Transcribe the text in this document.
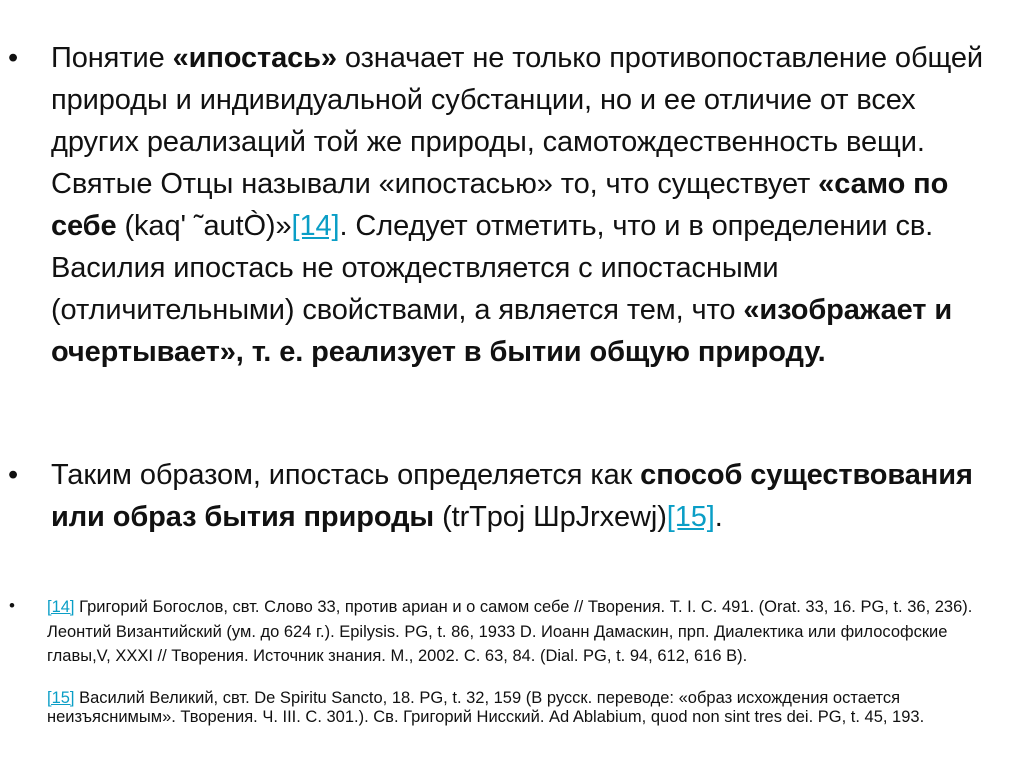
• Понятие «ипостась» означает не только противопоставление общей природы и индивидуальной субстанции, но и ее отличие от всех других реализаций той же природы, самотождественность вещи. Святые Отцы называли «ипостасью» то, что существует «само по себе (kaq' ˜autÒ)»[14]. Следует отметить, что и в определении св. Василия ипостась не отождествляется с ипостасными (отличительными) свойствами, а является тем, что «изображает и очертывает», т. е. реализует в бытии общую природу.
• Таким образом, ипостась определяется как способ существования или образ бытия природы (trTpoj ШpJrxewj)[15].
• [14] Григорий Богослов, свт. Слово 33, против ариан и о самом себе // Творения. Т. I. С. 491. (Orat. 33, 16. PG, t. 36, 236). Леонтий Византийский (ум. до 624 г.). Epilysis. PG, t. 86, 1933 D. Иоанн Дамаскин, прп. Диалектика или философские главы,V, XXXI // Творения. Источник знания. М., 2002. С. 63, 84. (Dial. PG, t. 94, 612, 616 B).
[15] Василий Великий, свт. De Spiritu Sancto, 18. PG, t. 32, 159 (В русск. переводе: «образ исхождения остается неизъяснимым». Творения. Ч. III. С. 301.). Св. Григорий Нисский. Ad Ablabium, quod non sint tres dei. PG, t. 45, 193.
